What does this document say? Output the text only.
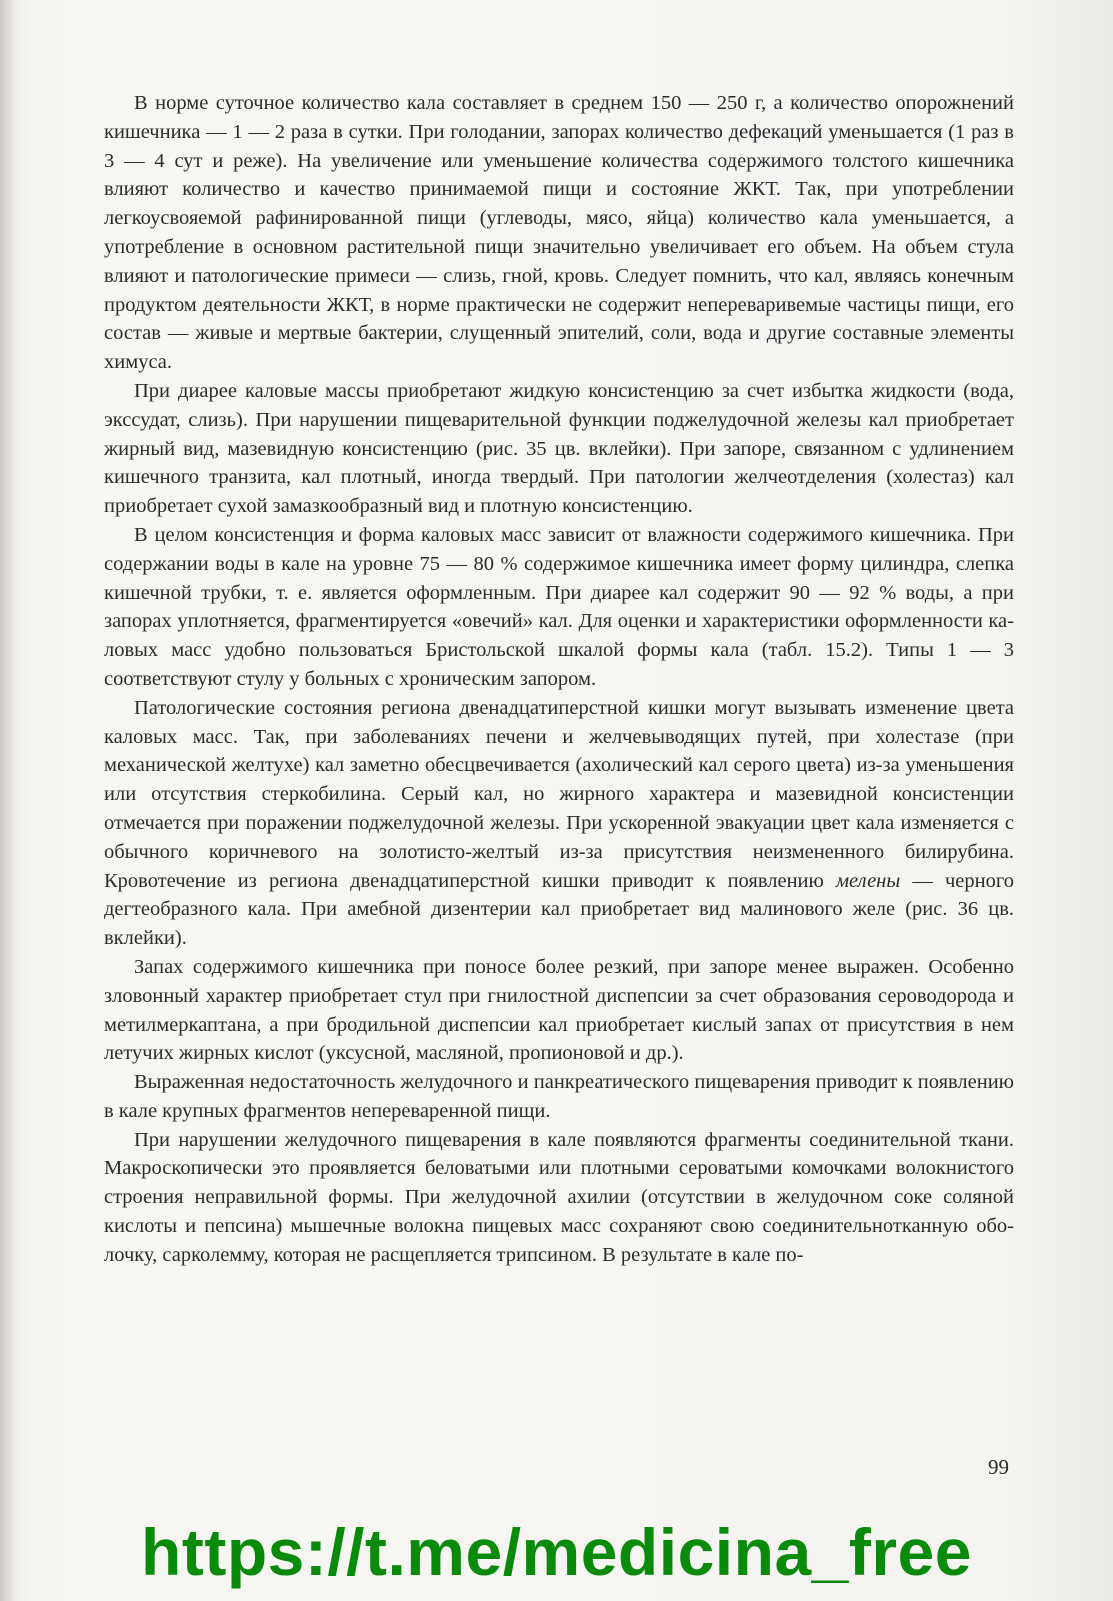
В норме суточное количество кала составляет в среднем 150 — 250 г, а количество опорожнений кишечника — 1 — 2 раза в сутки. При голодании, запорах количество дефекаций уменьшается (1 раз в 3 — 4 сут и реже). На увеличение или уменьшение количества содержимого толстого кишечника влияют количество и качество принимаемой пищи и состояние ЖКТ. Так, при употреблении легкоусвояемой рафинированной пищи (углеводы, мясо, яйца) количество кала уменьшается, а употребление в основном растительной пищи значительно увеличивает его объем. На объем стула влияют и патологические примеси — слизь, гной, кровь. Следует помнить, что кал, являясь конечным продуктом деятельности ЖКТ, в норме практически не содержит непереваривемые частицы пищи, его состав — живые и мертвые бактерии, слущенный эпителий, соли, вода и другие составные элементы химуса.

При диарее каловые массы приобретают жидкую консистенцию за счет избытка жидкости (вода, экссудат, слизь). При нарушении пищеварительной функции поджелудочной железы кал приобретает жирный вид, мазевидную консистенцию (рис. 35 цв. вклейки). При запоре, связанном с удлинением кишечного транзита, кал плотный, иногда твердый. При патологии желчеотделения (холестаз) кал приобретает сухой замазкообразный вид и плотную консистенцию.

В целом консистенция и форма каловых масс зависит от влажности содержимого кишечника. При содержании воды в кале на уровне 75 — 80 % содержимое кишечника имеет форму цилиндра, слепка кишечной трубки, т. е. является оформленным. При диарее кал содержит 90 — 92 % воды, а при запорах уплотняется, фрагментируется «овечий» кал. Для оценки и характеристики оформленности каловых масс удобно пользоваться Бристольской шкалой формы кала (табл. 15.2). Типы 1 — 3 соответствуют стулу у больных с хроническим запором.

Патологические состояния региона двенадцатиперстной кишки могут вызывать изменение цвета каловых масс. Так, при заболеваниях печени и желчевыводящих путей, при холестазе (при механической желтухе) кал заметно обесцвечивается (ахолический кал серого цвета) из-за уменьшения или отсутствия стеркобилина. Серый кал, но жирного характера и мазевидной консистенции отмечается при поражении поджелудочной железы. При ускоренной эвакуации цвет кала изменяется с обычного коричневого на золотисто-желтый из-за присутствия неизмененного билирубина. Кровотечение из региона двенадцатиперстной кишки приводит к появлению мелены — черного дегтеобразного кала. При амебной дизентерии кал приобретает вид малинового желе (рис. 36 цв. вклейки).

Запах содержимого кишечника при поносе более резкий, при запоре менее выражен. Особенно зловонный характер приобретает стул при гнилостной диспепсии за счет образования сероводорода и метилмеркаптана, а при бродильной диспепсии кал приобретает кислый запах от присутствия в нем летучих жирных кислот (уксусной, масляной, пропионовой и др.).

Выраженная недостаточность желудочного и панкреатического пищеварения приводит к появлению в кале крупных фрагментов непереваренной пищи.

При нарушении желудочного пищеварения в кале появляются фрагменты соединительной ткани. Макроскопически это проявляется беловатыми или плотными сероватыми комочками волокнистого строения неправильной формы. При желудочной ахилии (отсутствии в желудочном соке соляной кислоты и пепсина) мышечные волокна пищевых масс сохраняют свою соединительнотканную оболочку, сарколемму, которая не расщепляется трипсином. В результате в кале по-

99
https://t.me/medicina_free
